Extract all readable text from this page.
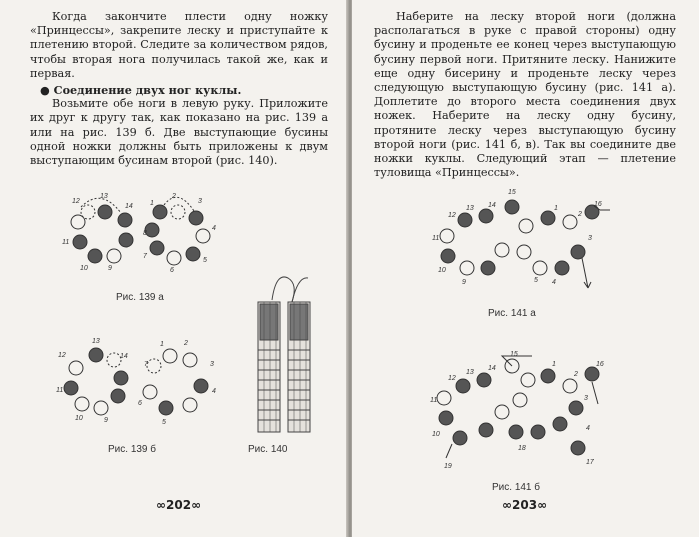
Когда закончите плести одну ножку «Принцессы», закрепите леску и приступайте к плетению второй. Следите за количеством рядов, чтобы вторая нога получилась такой же, как и первая.

● Соединение двух ног куклы.

Возьмите обе ноги в левую руку. Приложите их друг к другу так, как показано на рис. 139 а или на рис. 139 б. Две выступающие бусины одной ножки должны быть приложены к двум выступающим бусинам второй (рис. 140).

12
13
14
11
10	9
1
2
3
4
5
6
7
8
12
13
14
11
10	9
7
1	2
3
4
5
6
Рис. 139 а
Рис. 139 б	Рис. 140
∞202∞

Наберите на леску второй ноги (должна располагаться в руке с правой стороны) одну бусину и проденьте ее конец через выступающую бусину первой ноги. Притяните леску. Нанижите еще одну бисерину и проденьте леску через следующую выступающую бусину (рис. 141 а). Доплетите до второго места соединения двух ножек. Наберите на леску одну бусину, протяните леску через выступающую бусину второй ноги (рис. 141 б, в). Так вы соедините две ножки куклы. Следующий этап — плетение туловища «Принцессы».

15
16
12
13 14
11
10
9
1
2
3
5 4
15
16
12
13
14
11
10
1
2
3
19
18
17
4
Рис. 141 а
Рис. 141 б
∞203∞
